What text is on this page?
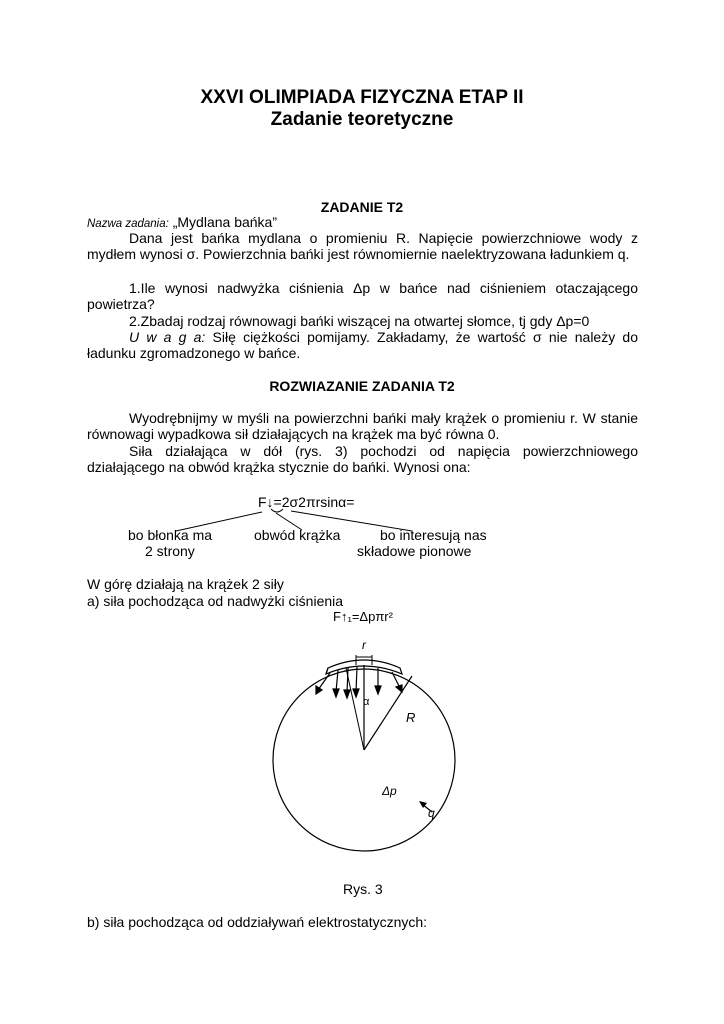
XXVI OLIMPIADA FIZYCZNA ETAP II
Zadanie teoretyczne
ZADANIE T2
Nazwa zadania: „Mydlana bańka”
Dana jest bańka mydlana o promieniu R. Napięcie powierzchniowe wody z mydłem wynosi σ. Powierzchnia bańki jest równomiernie naelektryzowana ładunkiem q.
1.Ile wynosi nadwyżka ciśnienia Δp w bańce nad ciśnieniem otaczającego powietrza?
2.Zbadaj rodzaj równowagi bańki wiszącej na otwartej słomce, tj gdy Δp=0
U w a g a: Siłę ciężkości pomijamy. Zakładamy, że wartość σ nie należy do ładunku zgromadzonego w bańce.
ROZWIAZANIE ZADANIA T2
Wyodrębnijmy w myśli na powierzchni bańki mały krążek o promieniu r. W stanie równowagi wypadkowa sił działających na krążek ma być równa 0.
Siła działająca w dół (rys. 3) pochodzi od napięcia powierzchniowego działającego na obwód krążka stycznie do bańki. Wynosi ona:
F↓=2σ2πrsinα=
bo błonka ma
2 strony
obwód krążka	bo interesują nas
składowe pionowe
W górę działają na krążek 2 siły
a) siła pochodząca od nadwyżki ciśnienia
F↑₁=Δpπr²
r
α
R
Δp
q
Rys. 3
b) siła pochodząca od oddziaływań elektrostatycznych:
